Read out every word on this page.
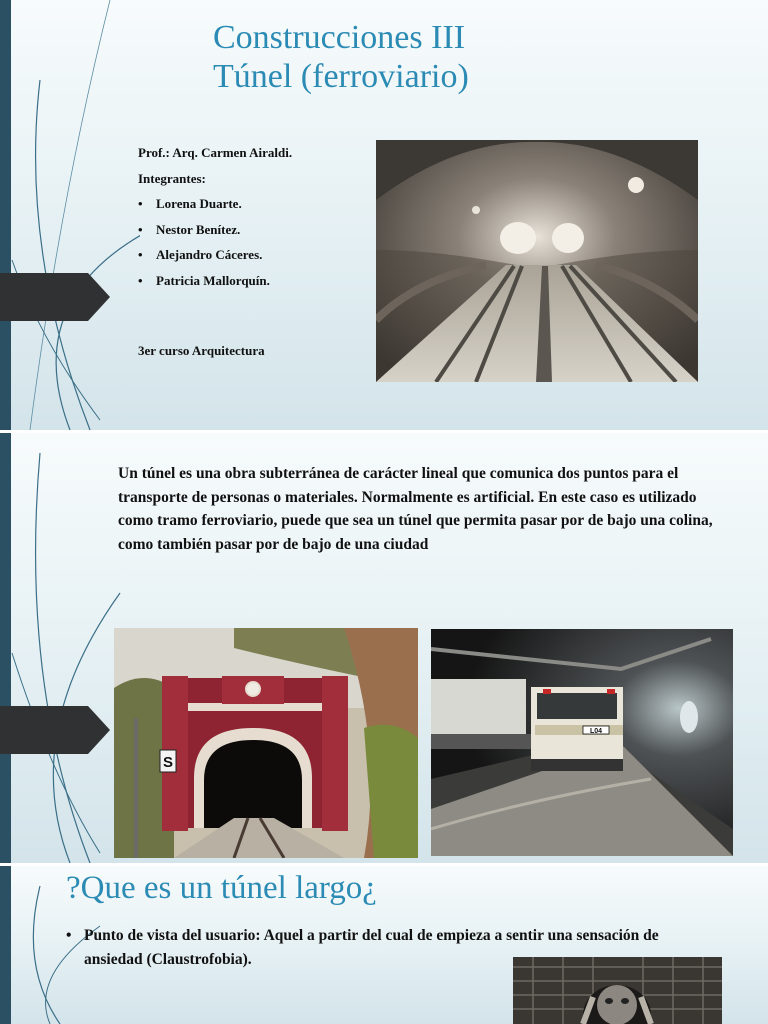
Construcciones III
Túnel (ferroviario)
Prof.: Arq. Carmen Airaldi.
Integrantes:
• Lorena Duarte.
• Nestor Benítez.
• Alejandro Cáceres.
• Patricia Mallorquín.
3er curso Arquitectura

Un túnel es una obra subterránea de carácter lineal que comunica dos puntos para el transporte de personas o materiales. Normalmente es artificial. En este caso es utilizado como tramo ferroviario, puede que sea un túnel que permita pasar por de bajo una colina, como también pasar por de bajo de una ciudad

S
L04
?Que es un túnel largo¿
• Punto de vista del usuario: Aquel a partir del cual de empieza a sentir una sensación de ansiedad (Claustrofobia).
